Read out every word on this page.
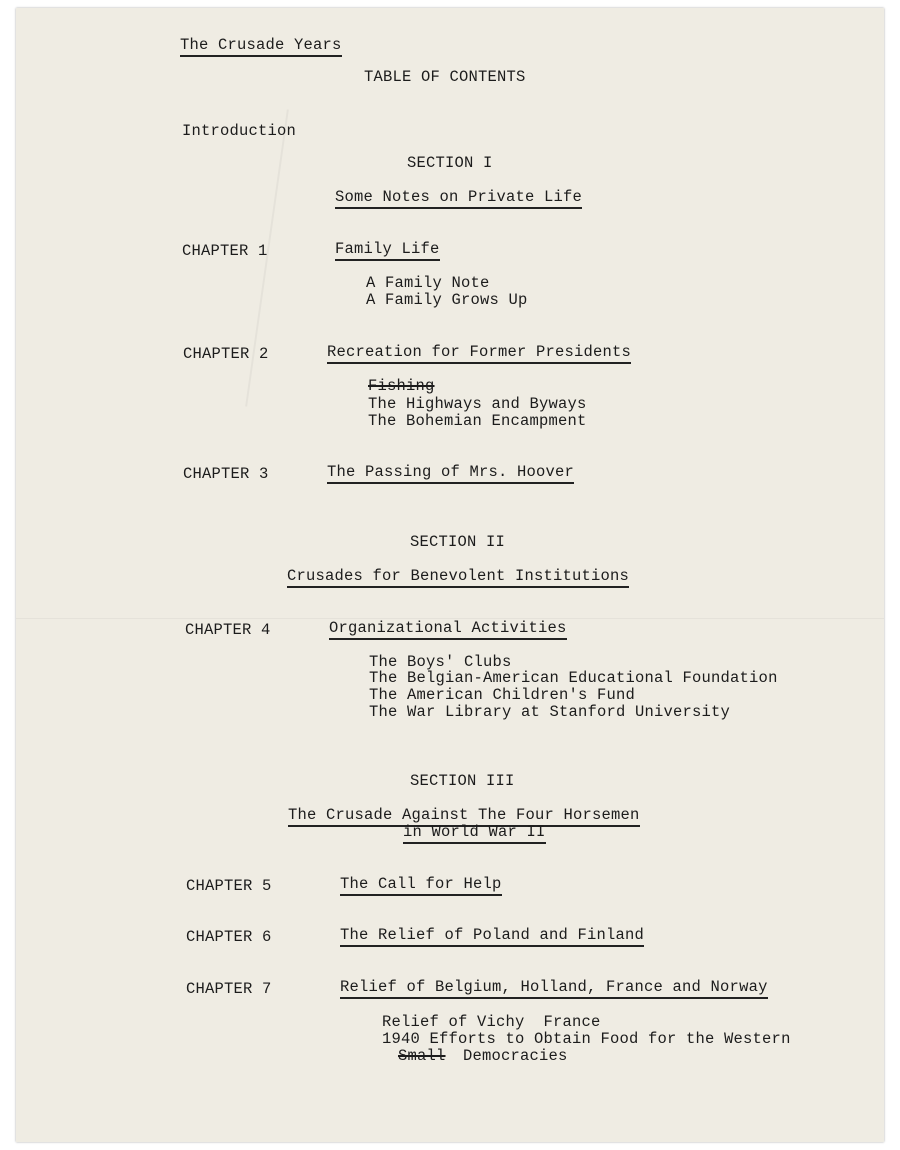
The Crusade Years
TABLE OF CONTENTS
Introduction
SECTION I
Some Notes on Private Life
CHAPTER 1	Family Life
A Family Note
A Family Grows Up
CHAPTER 2	Recreation for Former Presidents
Fishing
The Highways and Byways
The Bohemian Encampment
CHAPTER 3	The Passing of Mrs. Hoover
SECTION II
Crusades for Benevolent Institutions
CHAPTER 4	Organizational Activities
The Boys' Clubs
The Belgian-American Educational Foundation
The American Children's Fund
The War Library at Stanford University
SECTION III
The Crusade Against The Four Horsemen
in World War II
CHAPTER 5	The Call for Help
CHAPTER 6	The Relief of Poland and Finland
CHAPTER 7	Relief of Belgium, Holland, France and Norway
Relief of Vichy  France
1940 Efforts to Obtain Food for the Western
Small Democracies
